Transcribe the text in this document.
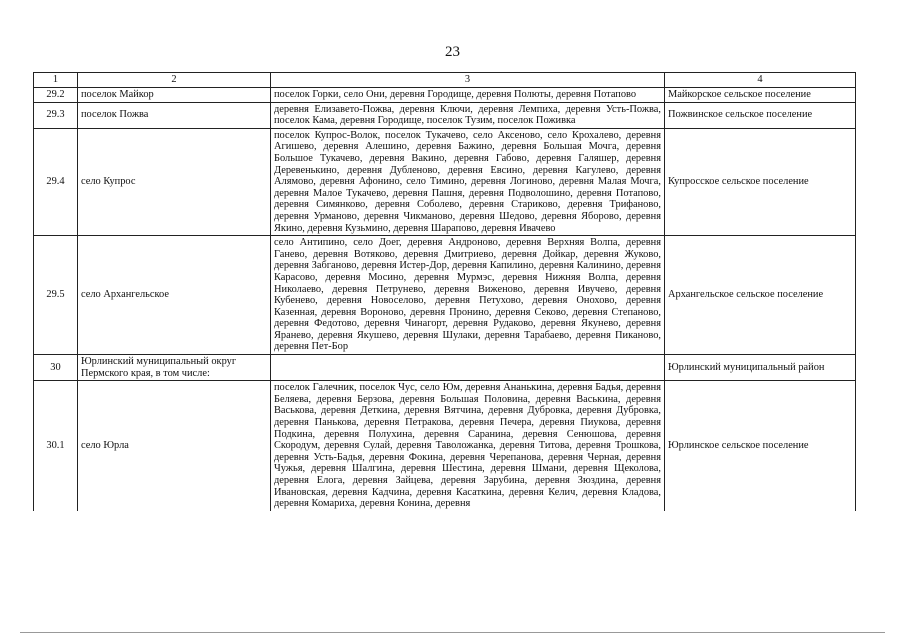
23
1	2	3	4
29.2	поселок Майкор	поселок Горки, село Они, деревня Городище, деревня Полюты, деревня Потапово	Майкорское сельское поселение
29.3	поселок Пожва	деревня Елизавето-Пожва, деревня Ключи, деревня Лемпиха, деревня Усть-Пожва, поселок Кама, деревня Городище, поселок Тузим, поселок Поживка	Пожвинское сельское поселение
29.4	село Купрос	поселок Купрос-Волок, поселок Тукачево, село Аксеново, село Крохалево, деревня Агишево, деревня Алешино, деревня Бажино, деревня Большая Мочга, деревня Большое Тукачево, деревня Вакино, деревня Габово, деревня Галяшер, деревня Деревенькино, деревня Дубленово, деревня Евсино, деревня Кагулево, деревня Алямово, деревня Афонино, село Тимино, деревня Логиново, деревня Малая Мочга, деревня Малое Тукачево, деревня Пашня, деревня Подволошино, деревня Потапово, деревня Симянково, деревня Соболево, деревня Стариково, деревня Трифаново, деревня Урманово, деревня Чикманово, деревня Шедово, деревня Яборово, деревня Якино, деревня Кузьмино, деревня Шарапово, деревня Ивачево	Купросское сельское поселение
29.5	село Архангельское	село Антипино, село Доег, деревня Андроново, деревня Верхняя Волпа, деревня Ганево, деревня Вотяково, деревня Дмитриево, деревня Дойкар, деревня Жуково, деревня Забганово, деревня Истер-Дор, деревня Капилино, деревня Калинино, деревня Карасово, деревня Мосино, деревня Мурмэс, деревня Нижняя Волпа, деревня Николаево, деревня Петрунево, деревня Виженово, деревня Ивучево, деревня Кубенево, деревня Новоселово, деревня Петухово, деревня Онохово, деревня Казенная, деревня Вороново, деревня Пронино, деревня Секово, деревня Степаново, деревня Федотово, деревня Чинагорт, деревня Рудаково, деревня Якунево, деревня Яранево, деревня Якушево, деревня Шулаки, деревня Тарабаево, деревня Пиканово, деревня Пет-Бор	Архангельское сельское поселение
30	Юрлинский муниципальный округ Пермского края, в том числе:		Юрлинский муниципальный район
30.1	село Юрла	поселок Галечник, поселок Чус, село Юм, деревня Ананькина, деревня Бадья, деревня Беляева, деревня Берзова, деревня Большая Половина, деревня Васькина, деревня Васькова, деревня Деткина, деревня Вятчина, деревня Дубровка, деревня Дубровка, деревня Панькова, деревня Петракова, деревня Печера, деревня Пиукова, деревня Подкина, деревня Полухина, деревня Саранина, деревня Сенюшова, деревня Скородум, деревня Сулай, деревня Таволожанка, деревня Титова, деревня Трошкова, деревня Усть-Бадья, деревня Фокина, деревня Черепанова, деревня Черная, деревня Чужья, деревня Шалгина, деревня Шестина, деревня Шмани, деревня Щеколова, деревня Елога, деревня Зайцева, деревня Зарубина, деревня Зюздина, деревня Ивановская, деревня Кадчина, деревня Касаткина, деревня Келич, деревня Кладова, деревня Комариха, деревня Конина, деревня	Юрлинское сельское поселение
